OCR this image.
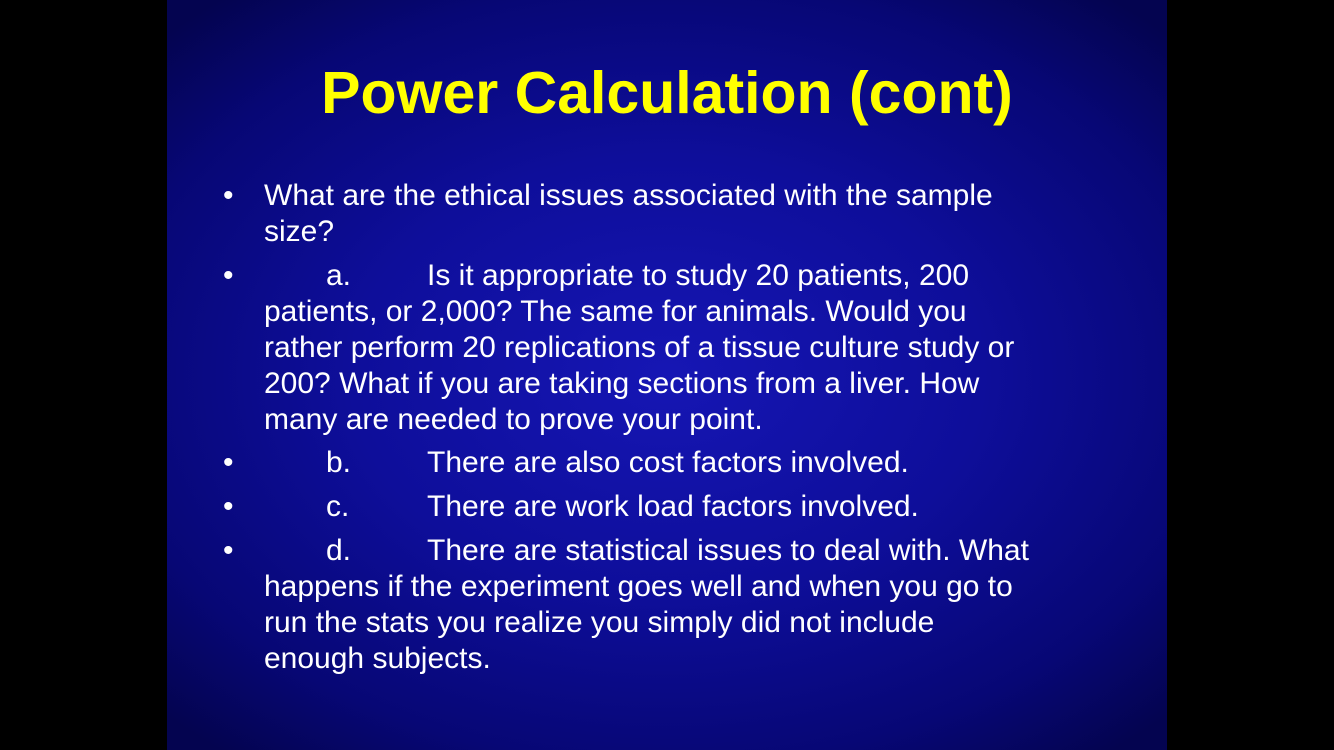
Power Calculation (cont)
•	What are the ethical issues associated with the sample
size?
•	a.	Is it appropriate to study 20 patients, 200
patients, or 2,000? The same for animals. Would you
rather perform 20 replications of a tissue culture study or
200? What if you are taking sections from a liver. How
many are needed to prove your point.
•	b.	There are also cost factors involved.
•	c.	There are work load factors involved.
•	d.	There are statistical issues to deal with. What
happens if the experiment goes well and when you go to
run the stats you realize you simply did not include
enough subjects.
